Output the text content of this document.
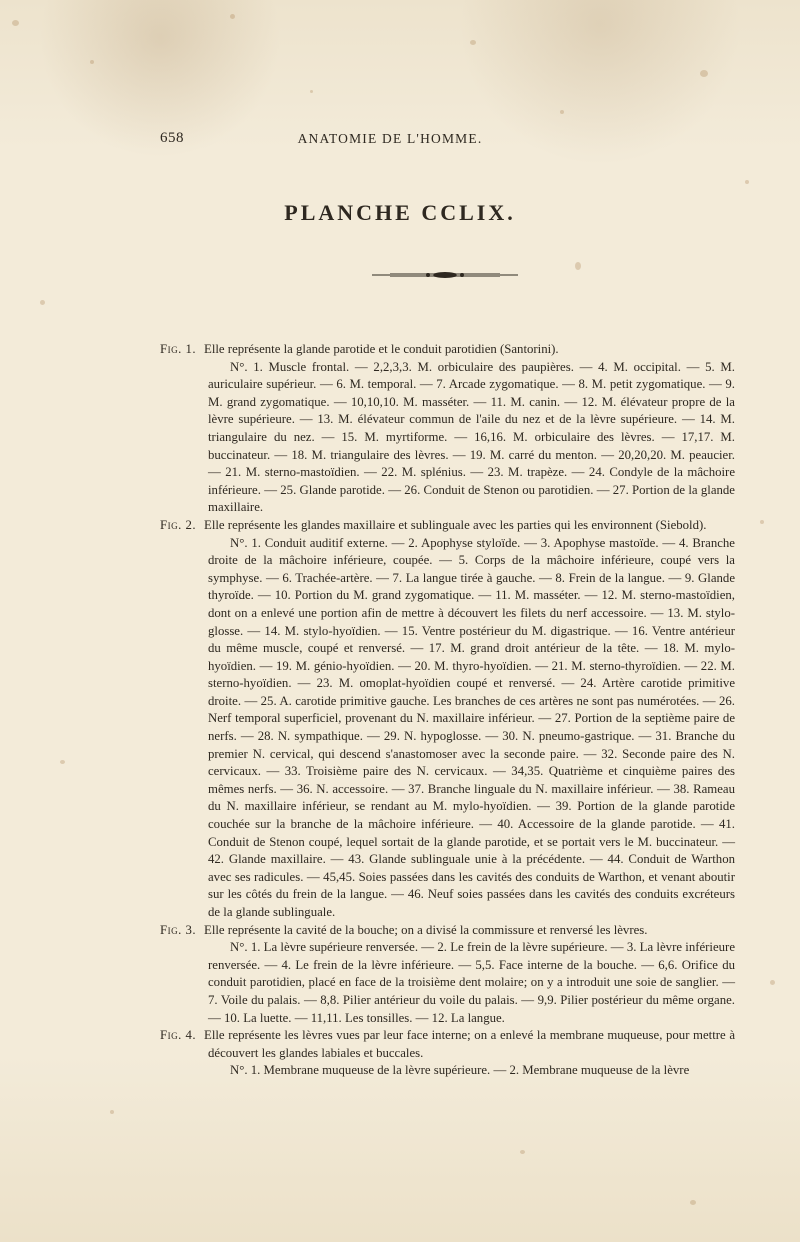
658	ANATOMIE DE L'HOMME.
PLANCHE CCLIX.

Fig. 1. Elle représente la glande parotide et le conduit parotidien (Santorini).

N°. 1. Muscle frontal. — 2,2,3,3. M. orbiculaire des paupières. — 4. M. occipital. — 5. M. auriculaire supérieur. — 6. M. temporal. — 7. Arcade zygomatique. — 8. M. petit zygomatique. — 9. M. grand zygomatique. — 10,10,10. M. masséter. — 11. M. canin. — 12. M. élévateur propre de la lèvre supérieure. — 13. M. élévateur commun de l'aile du nez et de la lèvre supérieure. — 14. M. triangulaire du nez. — 15. M. myrtiforme. — 16,16. M. orbiculaire des lèvres. — 17,17. M. buccinateur. — 18. M. triangulaire des lèvres. — 19. M. carré du menton. — 20,20,20. M. peaucier. — 21. M. sterno-mastoïdien. — 22. M. splénius. — 23. M. trapèze. — 24. Condyle de la mâchoire inférieure. — 25. Glande parotide. — 26. Conduit de Stenon ou parotidien. — 27. Portion de la glande maxillaire.

Fig. 2. Elle représente les glandes maxillaire et sublinguale avec les parties qui les environnent (Siebold).

N°. 1. Conduit auditif externe. — 2. Apophyse styloïde. — 3. Apophyse mastoïde. — 4. Branche droite de la mâchoire inférieure, coupée. — 5. Corps de la mâchoire inférieure, coupé vers la symphyse. — 6. Trachée-artère. — 7. La langue tirée à gauche. — 8. Frein de la langue. — 9. Glande thyroïde. — 10. Portion du M. grand zygomatique. — 11. M. masséter. — 12. M. sterno-mastoïdien, dont on a enlevé une portion afin de mettre à découvert les filets du nerf accessoire. — 13. M. stylo-glosse. — 14. M. stylo-hyoïdien. — 15. Ventre postérieur du M. digastrique. — 16. Ventre antérieur du même muscle, coupé et renversé. — 17. M. grand droit antérieur de la tête. — 18. M. mylo-hyoïdien. — 19. M. génio-hyoïdien. — 20. M. thyro-hyoïdien. — 21. M. sterno-thyroïdien. — 22. M. sterno-hyoïdien. — 23. M. omoplat-hyoïdien coupé et renversé. — 24. Artère carotide primitive droite. — 25. A. carotide primitive gauche. Les branches de ces artères ne sont pas numérotées. — 26. Nerf temporal superficiel, provenant du N. maxillaire inférieur. — 27. Portion de la septième paire de nerfs. — 28. N. sympathique. — 29. N. hypoglosse. — 30. N. pneumo-gastrique. — 31. Branche du premier N. cervical, qui descend s'anastomoser avec la seconde paire. — 32. Seconde paire des N. cervicaux. — 33. Troisième paire des N. cervicaux. — 34,35. Quatrième et cinquième paires des mêmes nerfs. — 36. N. accessoire. — 37. Branche linguale du N. maxillaire inférieur. — 38. Rameau du N. maxillaire inférieur, se rendant au M. mylo-hyoïdien. — 39. Portion de la glande parotide couchée sur la branche de la mâchoire inférieure. — 40. Accessoire de la glande parotide. — 41. Conduit de Stenon coupé, lequel sortait de la glande parotide, et se portait vers le M. buccinateur. — 42. Glande maxillaire. — 43. Glande sublinguale unie à la précédente. — 44. Conduit de Warthon avec ses radicules. — 45,45. Soies passées dans les cavités des conduits de Warthon, et venant aboutir sur les côtés du frein de la langue. — 46. Neuf soies passées dans les cavités des conduits excréteurs de la glande sublinguale.

Fig. 3. Elle représente la cavité de la bouche; on a divisé la commissure et renversé les lèvres.

N°. 1. La lèvre supérieure renversée. — 2. Le frein de la lèvre supérieure. — 3. La lèvre inférieure renversée. — 4. Le frein de la lèvre inférieure. — 5,5. Face interne de la bouche. — 6,6. Orifice du conduit parotidien, placé en face de la troisième dent molaire; on y a introduit une soie de sanglier. — 7. Voile du palais. — 8,8. Pilier antérieur du voile du palais. — 9,9. Pilier postérieur du même organe. — 10. La luette. — 11,11. Les tonsilles. — 12. La langue.

Fig. 4. Elle représente les lèvres vues par leur face interne; on a enlevé la membrane muqueuse, pour mettre à découvert les glandes labiales et buccales.

N°. 1. Membrane muqueuse de la lèvre supérieure. — 2. Membrane muqueuse de la lèvre
